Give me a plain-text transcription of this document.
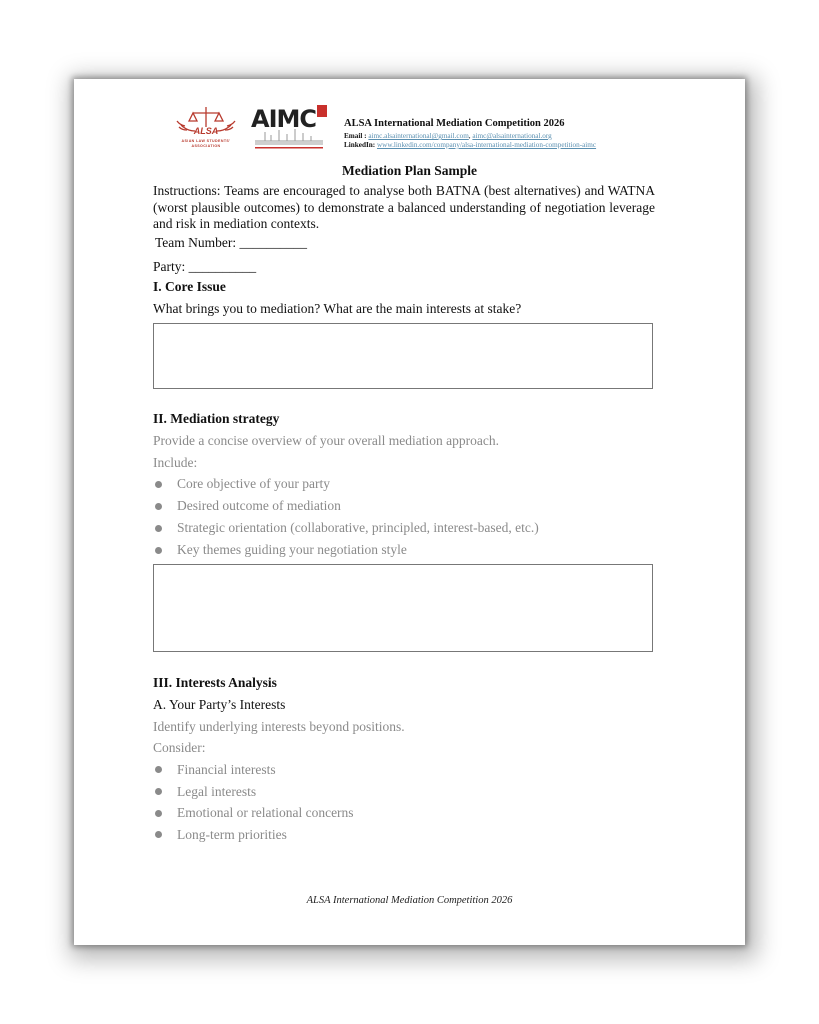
ALSA
ASIAN LAW STUDENTS'
ASSOCIATION
AIMC	ALSA International Mediation Competition 2026
Email : aimc.alsainternational@gmail.com, aimc@alsainternational.org
LinkedIn: www.linkedin.com/company/alsa-international-mediation-competition-aimc
Mediation Plan Sample
Instructions: Teams are encouraged to analyse both BATNA (best alternatives) and WATNA (worst plausible outcomes) to demonstrate a balanced understanding of negotiation leverage and risk in mediation contexts.
Team Number: __________
Party: __________
I. Core Issue
What brings you to mediation? What are the main interests at stake?
II. Mediation strategy
Provide a concise overview of your overall mediation approach.
Include:
Core objective of your party
Desired outcome of mediation
Strategic orientation (collaborative, principled, interest-based, etc.)
Key themes guiding your negotiation style
III. Interests Analysis
A. Your Party’s Interests
Identify underlying interests beyond positions.
Consider:
Financial interests
Legal interests
Emotional or relational concerns
Long-term priorities
ALSA International Mediation Competition 2026
